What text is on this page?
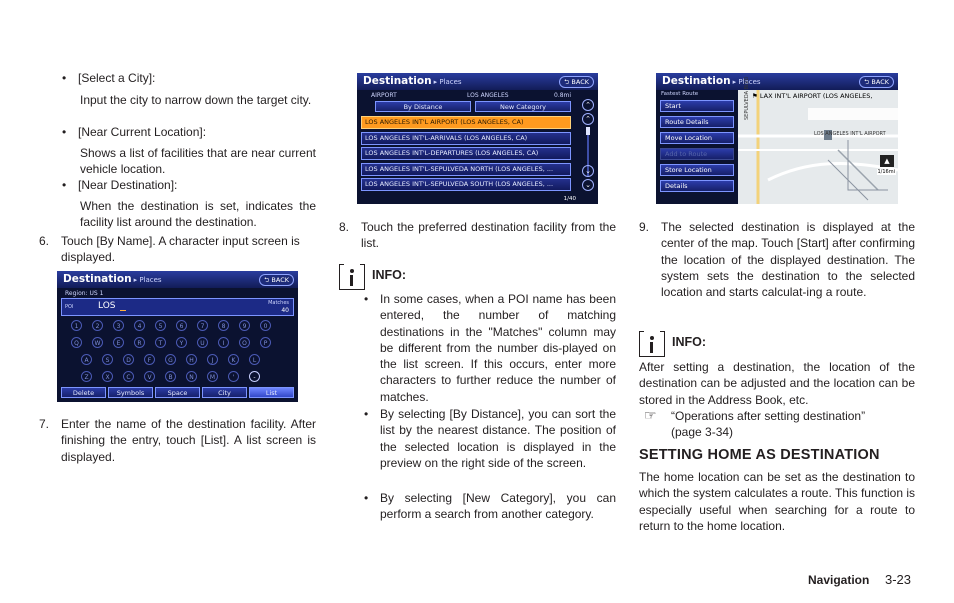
• [Select a City]:
Input the city to narrow down the target city.
• [Near Current Location]:
Shows a list of facilities that are near current vehicle location.
• [Near Destination]:
When the destination is set, indicates the facility list around the destination.
6. Touch [By Name]. A character input screen is displayed.
Destination ▸ Places	⮌ BACK
Region: US 1
POI	LOS	Matches
40
1	2	3	4	5	6	7	8	9	0
Q	W	E	R	T	Y	U	I	O	P
A	S	D	F	G	H	J	K	L
Z	X	C	V	B	N	M	'	-
Delete	Symbols	Space	City	List
7. Enter the name of the destination facility. After finishing the entry, touch [List]. A list screen is displayed.
Destination ▸ Places	⮌ BACK
AIRPORT	LOS ANGELES	0.8mi
By Distance	New Category
LOS ANGELES INT'L AIRPORT (LOS ANGELES, CA)
LOS ANGELES INT'L-ARRIVALS (LOS ANGELES, CA)
LOS ANGELES INT'L-DEPARTURES (LOS ANGELES, CA)
LOS ANGELES INT'L-SEPULVEDA NORTH (LOS ANGELES, ...
LOS ANGELES INT'L-SEPULVEDA SOUTH (LOS ANGELES, ...
⌃
⌃
⌄
⌄
1/40
8. Touch the preferred destination facility from the list.
INFO:
• In some cases, when a POI name has been entered, the number of matching destinations in the "Matches" column may be different from the number dis-played on the list screen. If this occurs, enter more characters to further reduce the number of matches.
• By selecting [By Distance], you can sort the list by the nearest distance. The position of the selected location is displayed in the preview on the right side of the screen.
• By selecting [New Category], you can perform a search from another category.
Destination ▸ Places	⮌ BACK
Fastest Route	⚑ LAX INT'L AIRPORT (LOS ANGELES,
LOS ANGELES INT'L AIRPORT
SEPULVEDA BLVD
▲
1/16mi
Start
Route Details
Move Location
Add to Route
Store Location
Details
9. The selected destination is displayed at the center of the map. Touch [Start] after confirming the location of the displayed destination. The system sets the destination to the selected location and starts calculat-ing a route.
INFO:
After setting a destination, the location of the destination can be adjusted and the location can be stored in the Address Book, etc.
☞	“Operations after setting destination”
(page 3-34)
SETTING HOME AS DESTINATION
The home location can be set as the destination to which the system calculates a route. This function is especially useful when searching for a route to return to the home location.
Navigation 3-23
